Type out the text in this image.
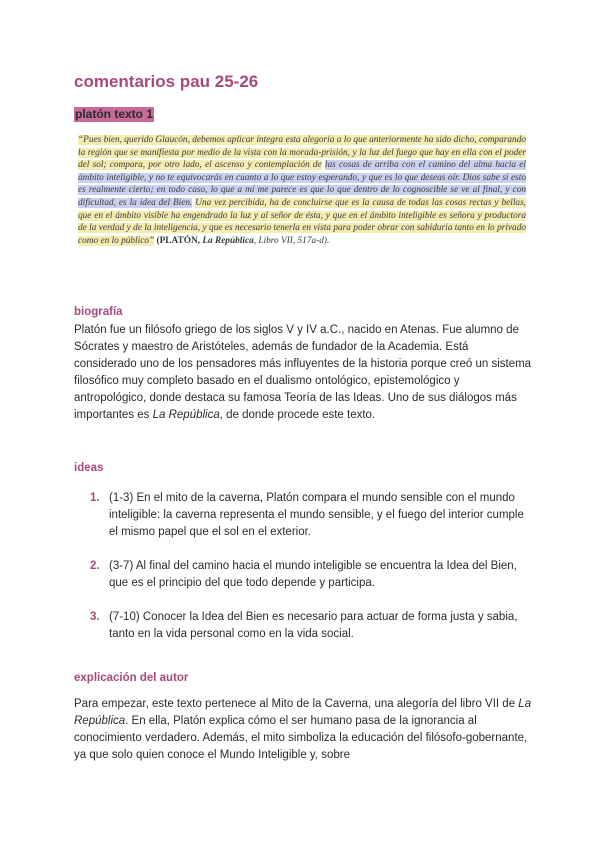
comentarios pau 25-26
platón texto 1

“Pues bien, querido Glaucón, debemos aplicar íntegra esta alegoría a lo que anteriormente ha sido dicho, comparando la región que se manifiesta por medio de la vista con la morada-prisión, y la luz del fuego que hay en ella con el poder del sol; compara, por otro lado, el ascenso y contemplación de las cosas de arriba con el camino del alma hacia el ámbito inteligible, y no te equivocarás en cuanto a lo que estoy esperando, y que es lo que deseas oír. Dios sabe si esto es realmente cierto; en todo caso, lo que a mí me parece es que lo que dentro de lo cognoscible se ve al final, y con dificultad, es la idea del Bien. Una vez percibida, ha de concluirse que es la causa de todas las cosas rectas y bellas, que en el ámbito visible ha engendrado la luz y al señor de ésta, y que en el ámbito inteligible es señora y productora de la verdad y de la inteligencia, y que es necesario tenerla en vista para poder obrar con sabiduría tanto en lo privado como en lo público” (PLATÓN, La República, Libro VII, 517a-d).

biografía

Platón fue un filósofo griego de los siglos V y IV a.C., nacido en Atenas. Fue alumno de Sócrates y maestro de Aristóteles, además de fundador de la Academia. Está considerado uno de los pensadores más influyentes de la historia porque creó un sistema filosófico muy completo basado en el dualismo ontológico, epistemológico y antropológico, donde destaca su famosa Teoría de las Ideas. Uno de sus diálogos más importantes es La República, de donde procede este texto.

ideas
1. (1-3) En el mito de la caverna, Platón compara el mundo sensible con el mundo inteligible: la caverna representa el mundo sensible, y el fuego del interior cumple el mismo papel que el sol en el exterior.
2. (3-7) Al final del camino hacia el mundo inteligible se encuentra la Idea del Bien, que es el principio del que todo depende y participa.
3. (7-10) Conocer la Idea del Bien es necesario para actuar de forma justa y sabia, tanto en la vida personal como en la vida social.
explicación del autor

Para empezar, este texto pertenece al Mito de la Caverna, una alegoría del libro VII de La República. En ella, Platón explica cómo el ser humano pasa de la ignorancia al conocimiento verdadero. Además, el mito simboliza la educación del filósofo-gobernante, ya que solo quien conoce el Mundo Inteligible y, sobre
